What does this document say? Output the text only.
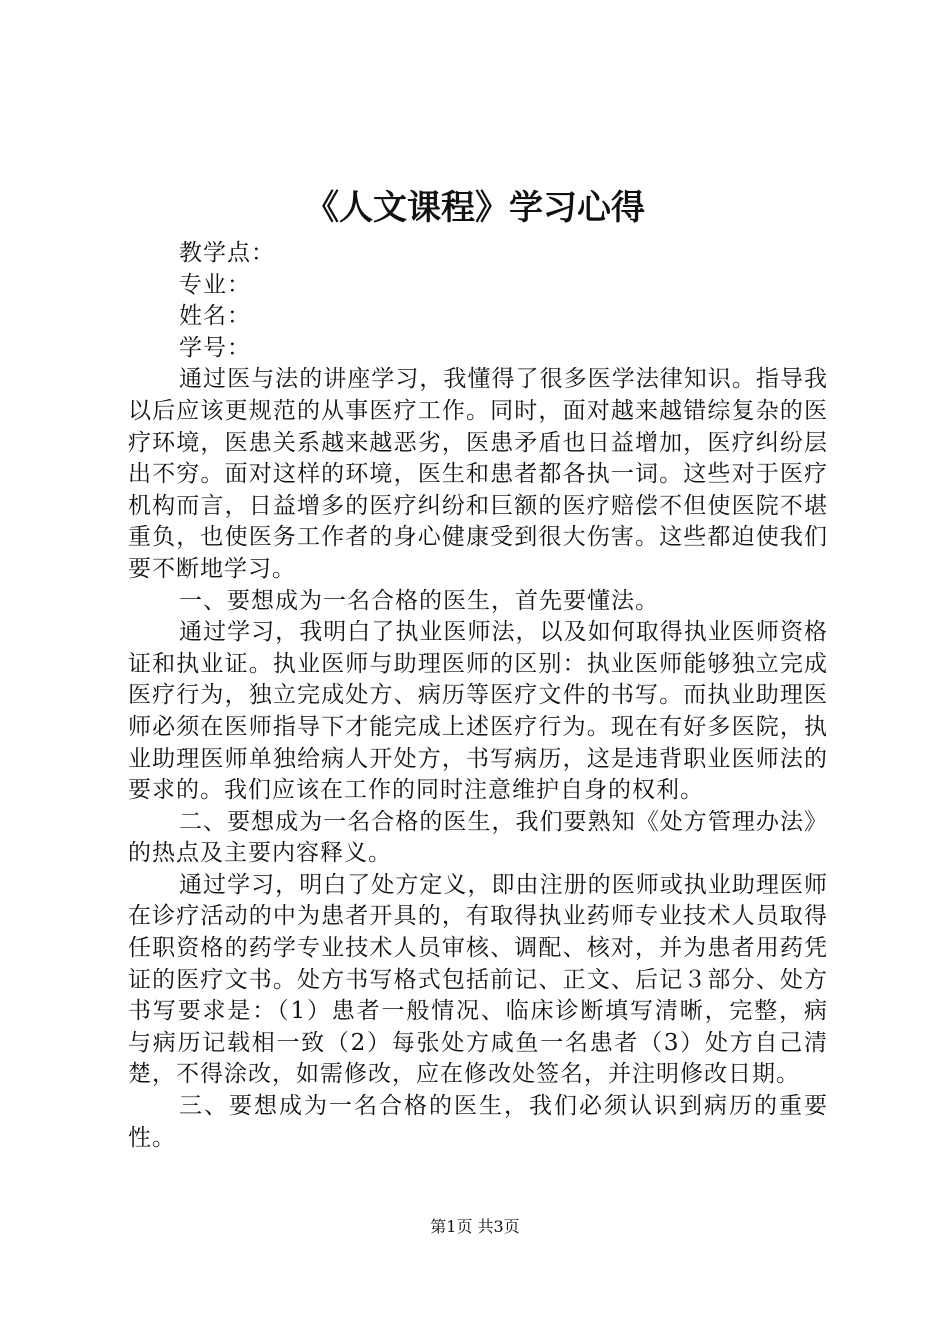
《人文课程》学习心得

教学点：

专业：

姓名：

学号：

通过医与法的讲座学习，我懂得了很多医学法律知识。指导我以后应该更规范的从事医疗工作。同时，面对越来越错综复杂的医疗环境，医患关系越来越恶劣，医患矛盾也日益增加，医疗纠纷层出不穷。面对这样的环境，医生和患者都各执一词。这些对于医疗机构而言，日益增多的医疗纠纷和巨额的医疗赔偿不但使医院不堪重负，也使医务工作者的身心健康受到很大伤害。这些都迫使我们要不断地学习。

一、要想成为一名合格的医生，首先要懂法。

通过学习，我明白了执业医师法，以及如何取得执业医师资格证和执业证。执业医师与助理医师的区别：执业医师能够独立完成医疗行为，独立完成处方、病历等医疗文件的书写。而执业助理医师必须在医师指导下才能完成上述医疗行为。现在有好多医院，执业助理医师单独给病人开处方，书写病历，这是违背职业医师法的要求的。我们应该在工作的同时注意维护自身的权利。

二、要想成为一名合格的医生，我们要熟知《处方管理办法》的热点及主要内容释义。

通过学习，明白了处方定义，即由注册的医师或执业助理医师在诊疗活动的中为患者开具的，有取得执业药师专业技术人员取得任职资格的药学专业技术人员审核、调配、核对，并为患者用药凭证的医疗文书。处方书写格式包括前记、正文、后记３部分、处方书写要求是：（1）患者一般情况、临床诊断填写清晰，完整，病与病历记载相一致（2）每张处方咸鱼一名患者（3）处方自己清楚，不得涂改，如需修改，应在修改处签名，并注明修改日期。

三、要想成为一名合格的医生，我们必须认识到病历的重要性。

第1页 共3页
